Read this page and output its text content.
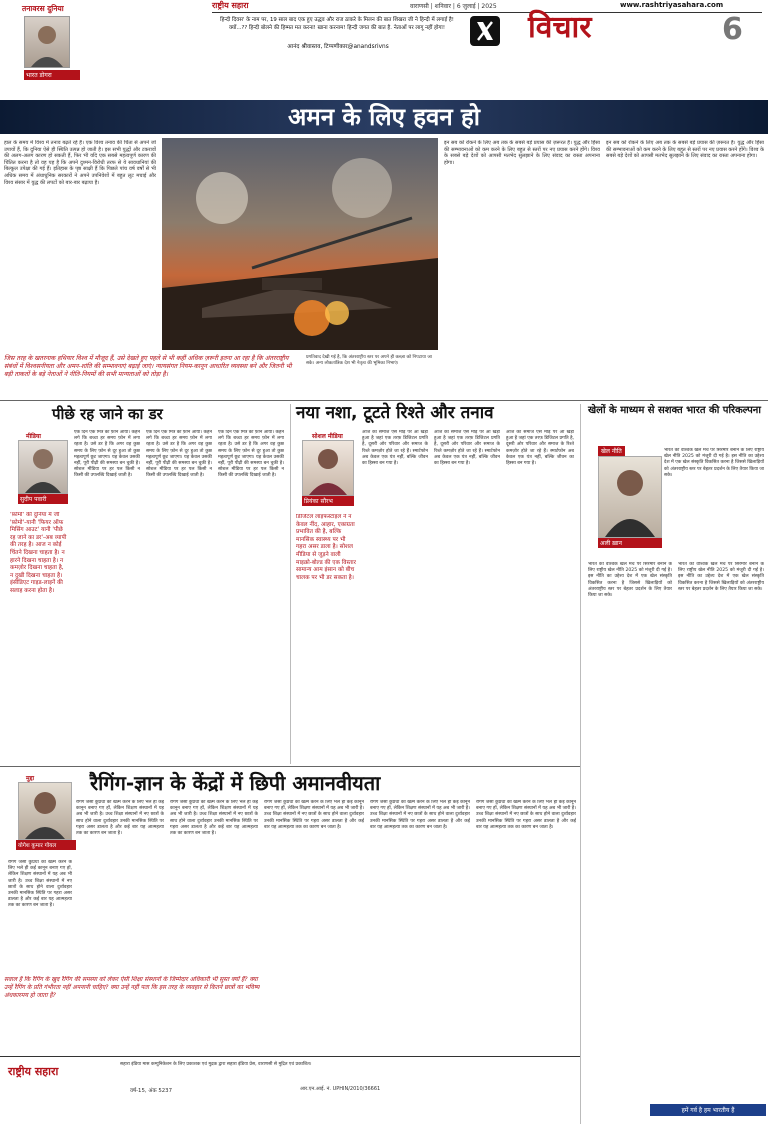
राष्ट्रीय सहारा	वाराणसी | शनिवार | 6 जुलाई | 2025	www.rashtriyasahara.com
हिन्दी दिवस' के नाम पर, 19 साल बाद एक हुए उद्धव और राज ठाकरे के मिलन की बात शिखरा जी ने हिन्दी में लगाई है! क्यों...?? हिन्दी बोलने की हिम्मत मत करना! खाना करनाम! हिन्दी जगत की बात है. नेताओं पर लागू नहीं होगा!
आनंद श्रीवास्तव, टिप्पणीकार@anandsrivns
विचार	6
तनावरस दुनिया
भारत डोगरा
अमन के लिए हवन हो
हाल के समय में विश्व में तनाव बढ़ते रहे हैं। एक विश्व तनाव की चिंता से अपने जो उपायों हैं, कि दुनिया ऐसे ही स्थिति उत्पन्न हो जाती है। इस सभी युद्धों और टकरावों की अलग-अलग कारण हो सकती हैं, फिर भी यदि एक सबसे महत्वपूर्ण कारण की चिंतित करना है तो वह यह है कि अपने दुश्मन-विरोधी तरफ से ये सावधानियां की बिल्कुल उपेक्षा की गई हैं। इतिहास के पृष्ठ साक्षी हैं कि पिछले पांच वर्ष वर्षों से भी अधिक समय में अंधाधुनिक सरकारों ने अपने उपनिवेशों में बहुत लूट मचाई और विश्व संसार में युद्ध की लपटों को बार-बार बढ़ाया है।
इन सब को रोकने के लिए अब तक के सबसे बड़े प्रयास की ज़रूरत है। युद्ध और हिंसा की सम्भावनाओं को कम करने के लिए बहुत से स्तरों पर नए प्रयास करने होंगे। विश्व के सबसे बड़े देशों को आपसी मतभेद सुलझाने के लिए संवाद का रास्ता अपनाना होगा।
इन सब को रोकने के लिए अब तक के सबसे बड़े प्रयास की ज़रूरत है। युद्ध और हिंसा की सम्भावनाओं को कम करने के लिए बहुत से स्तरों पर नए प्रयास करने होंगे। विश्व के सबसे बड़े देशों को आपसी मतभेद सुलझाने के लिए संवाद का रास्ता अपनाना होगा।
जिस तरह के खतरनाक हथियार विश्व में मौजूद हैं, उसे देखते हुए पहले से भी कहीं अधिक ज़रूरी इतना आ रहा है कि अंतरराष्ट्रीय संबंधों में विश्वसनीयता और अमन-शांति की सम्भावनाएं बढ़ाई जाएं। न्यायसंगत नियम-कानून आधारित व्यवस्था बने और जितनी भी बड़ी ताकतों के बड़े नेताओं ने नीति-नियमों की सभी मान्यताओं को तोड़ा है।
प्रगतिवाद देखी गई है, कि अंतरराष्ट्रीय स्तर पर अपने ही कब्ज़ा को निपटाया जा सके। अन्य लोकतांत्रिक देश भी नेतृत्व की भूमिका निभाएं।
पीछे रह जाने का डर
मीडिया
सुदीप पवारी
'फ़ोमो' की दुनिया में जी 'फ़ोमो'-यानी 'फियर ऑफ मिसिंग आउट' यानी 'पीछे रह जाने का डर'-अब व्यापी की तरह है। आज न कोई चिंतने दिखना चाहता है। न हारने दिखना चाहता है। न कमज़ोर दिखना चाहता है, न दुखी दिखना चाहता है। इंसीडिएट गाइड-लाइनें की सलाह करना होता है।
एक दिन एक मित्र का फ़ोन आया। कहने लगे कि बच्चा हर समय फ़ोन में लगा रहता है। उसे डर है कि अगर वह कुछ समय के लिए फ़ोन से दूर हुआ तो कुछ महत्वपूर्ण छूट जाएगा। यह केवल उसकी नहीं, पूरी पीढ़ी की समस्या बन चुकी है। सोशल मीडिया पर हर पल किसी न किसी की उपलब्धि दिखाई जाती है।
एक दिन एक मित्र का फ़ोन आया। कहने लगे कि बच्चा हर समय फ़ोन में लगा रहता है। उसे डर है कि अगर वह कुछ समय के लिए फ़ोन से दूर हुआ तो कुछ महत्वपूर्ण छूट जाएगा। यह केवल उसकी नहीं, पूरी पीढ़ी की समस्या बन चुकी है। सोशल मीडिया पर हर पल किसी न किसी की उपलब्धि दिखाई जाती है।
एक दिन एक मित्र का फ़ोन आया। कहने लगे कि बच्चा हर समय फ़ोन में लगा रहता है। उसे डर है कि अगर वह कुछ समय के लिए फ़ोन से दूर हुआ तो कुछ महत्वपूर्ण छूट जाएगा। यह केवल उसकी नहीं, पूरी पीढ़ी की समस्या बन चुकी है। सोशल मीडिया पर हर पल किसी न किसी की उपलब्धि दिखाई जाती है।
नया नशा, टूटते रिश्ते और तनाव
सोशल मीडिया
प्रियंका सौरभ
डिजिटल लाइफस्टाइल ने न केवल नींद, आहार, एकाग्रता प्रभावित की है, बल्कि मानसिक स्वास्थ्य पर भी गहरा असर डाला है। सोशल मीडिया से जुड़ने वाली माइक्रो-बोल्ड की एक विस्तार सामान्य आम इंसान को बीच चालक पर भी डर सकता है।
आज का समाज ऐसे मोड़ पर आ खड़ा हुआ है जहां एक तरफ़ डिजिटल प्रगति है, दूसरी ओर परिवार और समाज के रिश्ते कमज़ोर होते जा रहे हैं। स्मार्टफोन अब केवल एक यंत्र नहीं, बल्कि जीवन का हिस्सा बन गया है।
आज का समाज ऐसे मोड़ पर आ खड़ा हुआ है जहां एक तरफ़ डिजिटल प्रगति है, दूसरी ओर परिवार और समाज के रिश्ते कमज़ोर होते जा रहे हैं। स्मार्टफोन अब केवल एक यंत्र नहीं, बल्कि जीवन का हिस्सा बन गया है।
आज का समाज ऐसे मोड़ पर आ खड़ा हुआ है जहां एक तरफ़ डिजिटल प्रगति है, दूसरी ओर परिवार और समाज के रिश्ते कमज़ोर होते जा रहे हैं। स्मार्टफोन अब केवल एक यंत्र नहीं, बल्कि जीवन का हिस्सा बन गया है।
खेलों के माध्यम से सशक्त भारत की परिकल्पना
खेल नीति
अली ख़ान
भारत को वैश्विक खेल मंच पर सिरमौर बनाने के लिए राष्ट्रीय खेल नीति 2025 को मंजूरी दी गई है। इस नीति का उद्देश्य देश में एक खेल संस्कृति विकसित करना है जिससे खिलाड़ियों को अंतरराष्ट्रीय स्तर पर बेहतर प्रदर्शन के लिए तैयार किया जा सके।
भारत को वैश्विक खेल मंच पर सिरमौर बनाने के लिए राष्ट्रीय खेल नीति 2025 को मंजूरी दी गई है। इस नीति का उद्देश्य देश में एक खेल संस्कृति विकसित करना है जिससे खिलाड़ियों को अंतरराष्ट्रीय स्तर पर बेहतर प्रदर्शन के लिए तैयार किया जा सके।
भारत को वैश्विक खेल मंच पर सिरमौर बनाने के लिए राष्ट्रीय खेल नीति 2025 को मंजूरी दी गई है। इस नीति का उद्देश्य देश में एक खेल संस्कृति विकसित करना है जिससे खिलाड़ियों को अंतरराष्ट्रीय स्तर पर बेहतर प्रदर्शन के लिए तैयार किया जा सके।
हमें गर्व है हम भारतीय हैं
रैगिंग-ज्ञान के केंद्रों में छिपी अमानवीयता
मुद्दा
योगेश कुमार गोयल
रैगिंग जैसी कुप्रथा को खत्म करने के लिए भले ही कई कानून बनाए गए हों, लेकिन शिक्षण संस्थानों में यह अब भी जारी है। उच्च शिक्षा संस्थानों में नए छात्रों के साथ होने वाला दुर्व्यवहार उनकी मानसिक स्थिति पर गहरा असर डालता है और कई बार यह आत्महत्या तक का कारण बन जाता है।
रैगिंग जैसी कुप्रथा को खत्म करने के लिए भले ही कई कानून बनाए गए हों, लेकिन शिक्षण संस्थानों में यह अब भी जारी है। उच्च शिक्षा संस्थानों में नए छात्रों के साथ होने वाला दुर्व्यवहार उनकी मानसिक स्थिति पर गहरा असर डालता है और कई बार यह आत्महत्या तक का कारण बन जाता है।
रैगिंग जैसी कुप्रथा को खत्म करने के लिए भले ही कई कानून बनाए गए हों, लेकिन शिक्षण संस्थानों में यह अब भी जारी है। उच्च शिक्षा संस्थानों में नए छात्रों के साथ होने वाला दुर्व्यवहार उनकी मानसिक स्थिति पर गहरा असर डालता है और कई बार यह आत्महत्या तक का कारण बन जाता है।
रैगिंग जैसी कुप्रथा को खत्म करने के लिए भले ही कई कानून बनाए गए हों, लेकिन शिक्षण संस्थानों में यह अब भी जारी है। उच्च शिक्षा संस्थानों में नए छात्रों के साथ होने वाला दुर्व्यवहार उनकी मानसिक स्थिति पर गहरा असर डालता है और कई बार यह आत्महत्या तक का कारण बन जाता है।
रैगिंग जैसी कुप्रथा को खत्म करने के लिए भले ही कई कानून बनाए गए हों, लेकिन शिक्षण संस्थानों में यह अब भी जारी है। उच्च शिक्षा संस्थानों में नए छात्रों के साथ होने वाला दुर्व्यवहार उनकी मानसिक स्थिति पर गहरा असर डालता है और कई बार यह आत्महत्या तक का कारण बन जाता है।
रैगिंग जैसी कुप्रथा को खत्म करने के लिए भले ही कई कानून बनाए गए हों, लेकिन शिक्षण संस्थानों में यह अब भी जारी है। उच्च शिक्षा संस्थानों में नए छात्रों के साथ होने वाला दुर्व्यवहार उनकी मानसिक स्थिति पर गहरा असर डालता है और कई बार यह आत्महत्या तक का कारण बन जाता है।
सवाल है कि रैगिंग के खुद रैगिंग की समस्या को लेकर ऐसी शिक्षा संस्थानों के जिम्मेदार अधिकारी भी सुस्त क्यों हैं? क्या उन्हें रैगिंग के प्रति गंभीरता नहीं अपनानी चाहिए? क्या उन्हें नहीं पता कि इस तरह के व्यवहार से कितने छात्रों का भविष्य अंधकारमय हो जाता है?
राष्ट्रीय सहारा
सहारा इंडिया मास कम्युनिकेशन के लिए प्रकाशक एवं मुद्रक द्वारा सहारा इंडिया प्रेस, वाराणसी से मुद्रित एवं प्रकाशित।
वर्ष-15, अंक 5237	आर.एन.आई. नं. UPHIN/2010/36661
